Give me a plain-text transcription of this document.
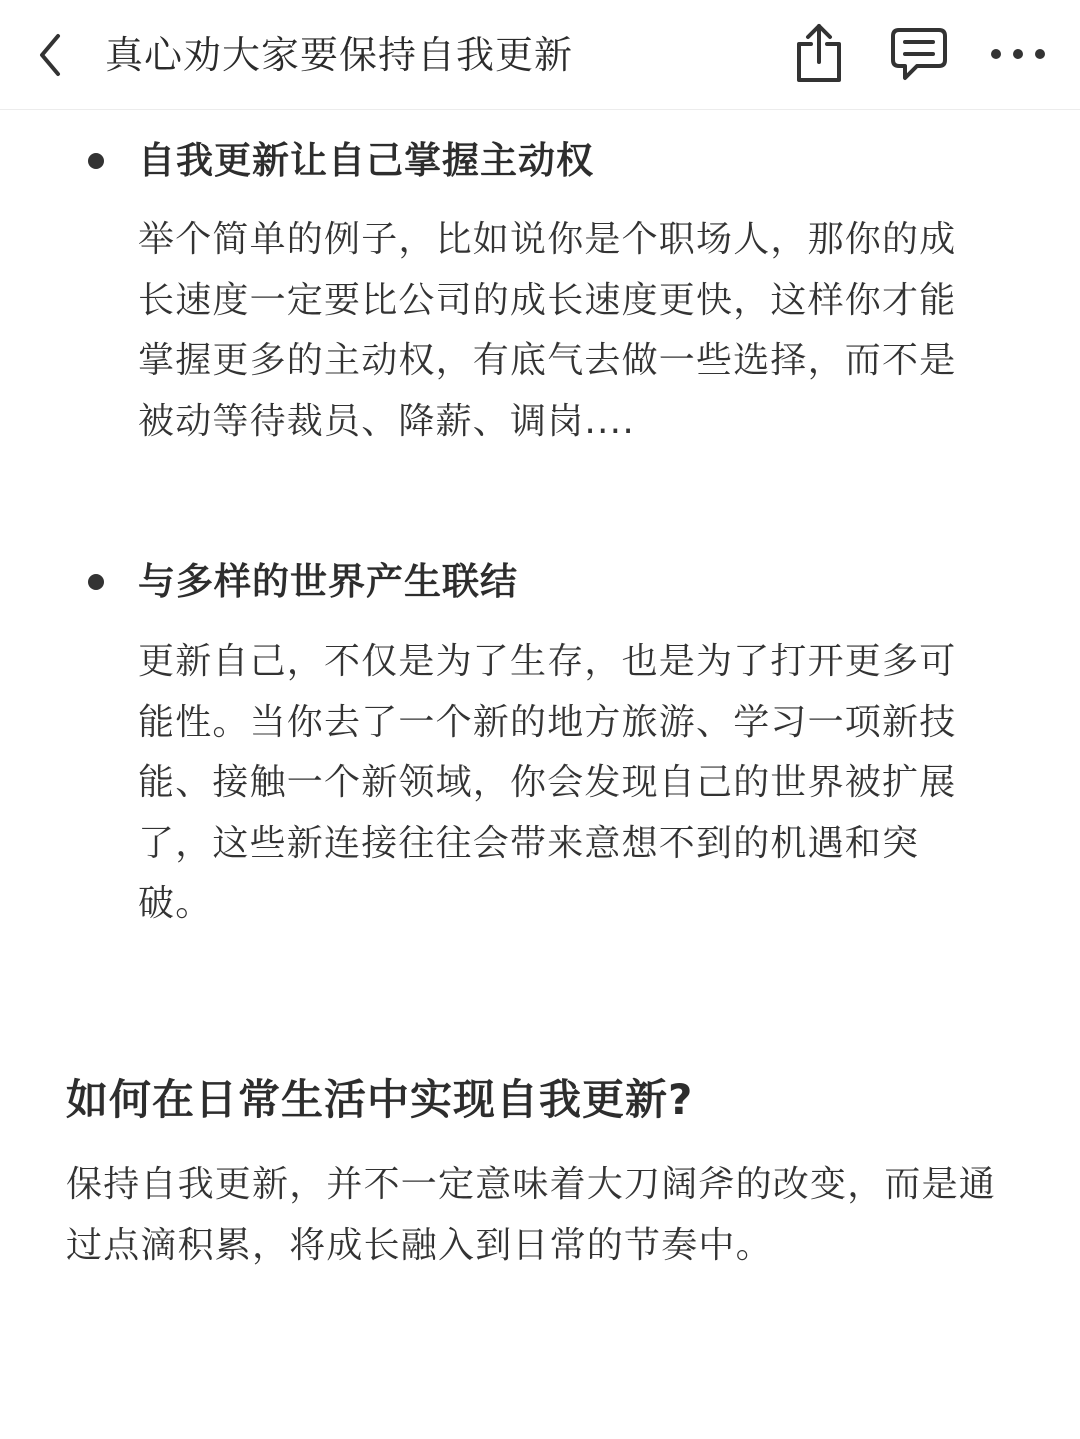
真心劝大家要保持自我更新
自我更新让自己掌握主动权

举个简单的例子，比如说你是个职场人，那你的成长速度一定要比公司的成长速度更快，这样你才能掌握更多的主动权，有底气去做一些选择，而不是被动等待裁员、降薪、调岗....

与多样的世界产生联结

更新自己，不仅是为了生存，也是为了打开更多可能性。当你去了一个新的地方旅游、学习一项新技能、接触一个新领域，你会发现自己的世界被扩展了，这些新连接往往会带来意想不到的机遇和突破。

如何在日常生活中实现自我更新?

保持自我更新，并不一定意味着大刀阔斧的改变，而是通过点滴积累，将成长融入到日常的节奏中。
